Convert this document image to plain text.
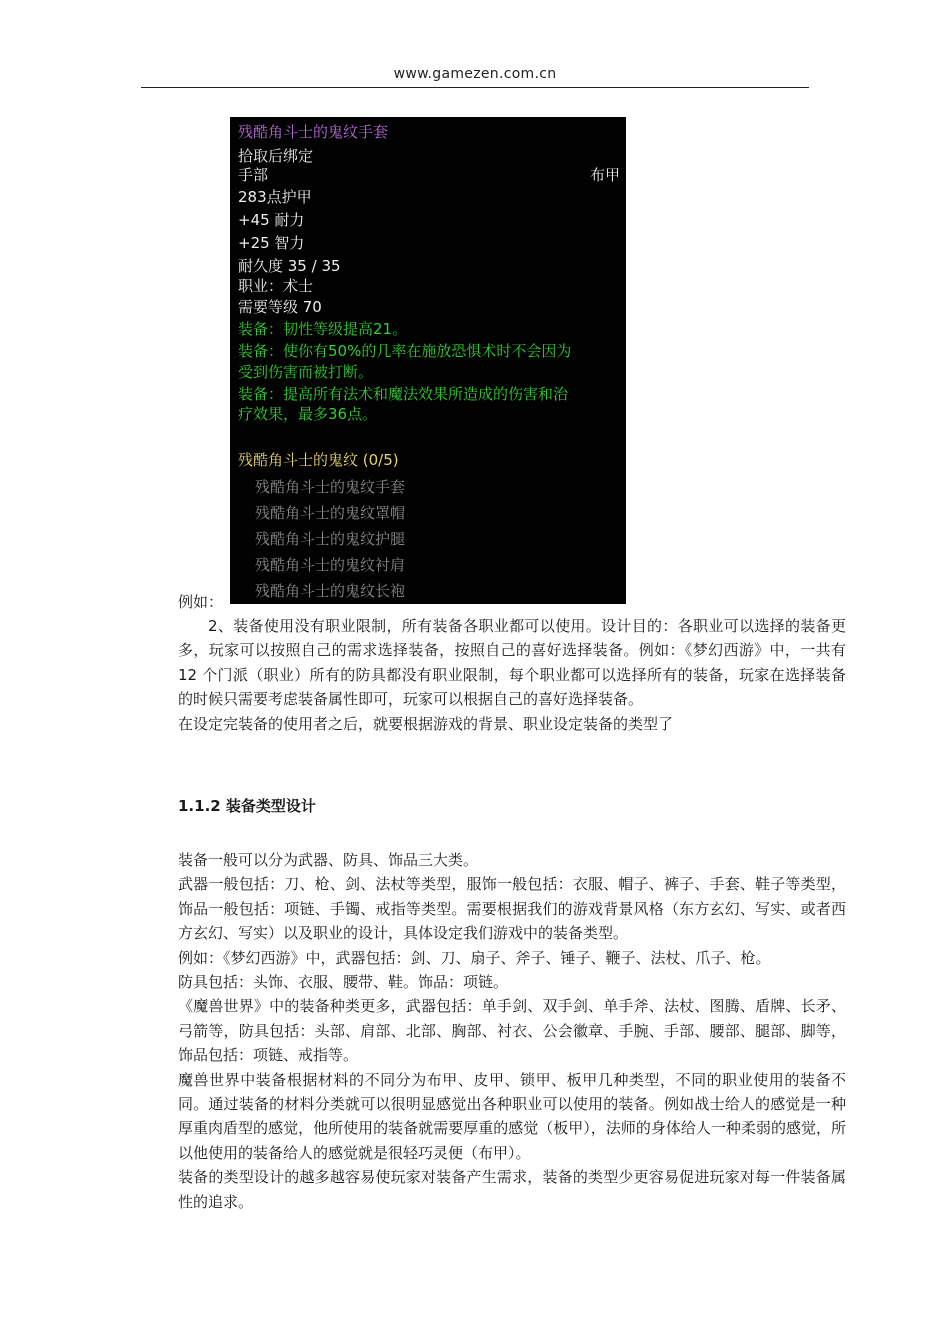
www.gamezen.com.cn
残酷角斗士的鬼纹手套
拾取后绑定
手部	布甲
283点护甲
+45 耐力
+25 智力
耐久度 35 / 35
职业：术士
需要等级 70
装备：韧性等级提高21。
装备：使你有50%的几率在施放恐惧术时不会因为
受到伤害而被打断。
装备：提高所有法术和魔法效果所造成的伤害和治
疗效果，最多36点。
残酷角斗士的鬼纹 (0/5)
残酷角斗士的鬼纹手套
残酷角斗士的鬼纹罩帽
残酷角斗士的鬼纹护腿
残酷角斗士的鬼纹衬肩
残酷角斗士的鬼纹长袍
例如：

2、装备使用没有职业限制，所有装备各职业都可以使用。设计目的：各职业可以选择的装备更多，玩家可以按照自己的需求选择装备，按照自己的喜好选择装备。例如：《梦幻西游》中，一共有 12 个门派（职业）所有的防具都没有职业限制，每个职业都可以选择所有的装备，玩家在选择装备的时候只需要考虑装备属性即可，玩家可以根据自己的喜好选择装备。

在设定完装备的使用者之后，就要根据游戏的背景、职业设定装备的类型了

1.1.2 装备类型设计

装备一般可以分为武器、防具、饰品三大类。

武器一般包括：刀、枪、剑、法杖等类型，服饰一般包括：衣服、帽子、裤子、手套、鞋子等类型，饰品一般包括：项链、手镯、戒指等类型。需要根据我们的游戏背景风格（东方玄幻、写实、或者西方玄幻、写实）以及职业的设计，具体设定我们游戏中的装备类型。

例如：《梦幻西游》中，武器包括：剑、刀、扇子、斧子、锤子、鞭子、法杖、爪子、枪。

防具包括：头饰、衣服、腰带、鞋。饰品：项链。

《魔兽世界》中的装备种类更多，武器包括：单手剑、双手剑、单手斧、法杖、图腾、盾牌、长矛、弓箭等，防具包括：头部、肩部、北部、胸部、衬衣、公会徽章、手腕、手部、腰部、腿部、脚等，饰品包括：项链、戒指等。

魔兽世界中装备根据材料的不同分为布甲、皮甲、锁甲、板甲几种类型，不同的职业使用的装备不同。通过装备的材料分类就可以很明显感觉出各种职业可以使用的装备。例如战士给人的感觉是一种厚重肉盾型的感觉，他所使用的装备就需要厚重的感觉（板甲），法师的身体给人一种柔弱的感觉，所以他使用的装备给人的感觉就是很轻巧灵便（布甲）。

装备的类型设计的越多越容易使玩家对装备产生需求，装备的类型少更容易促进玩家对每一件装备属性的追求。
